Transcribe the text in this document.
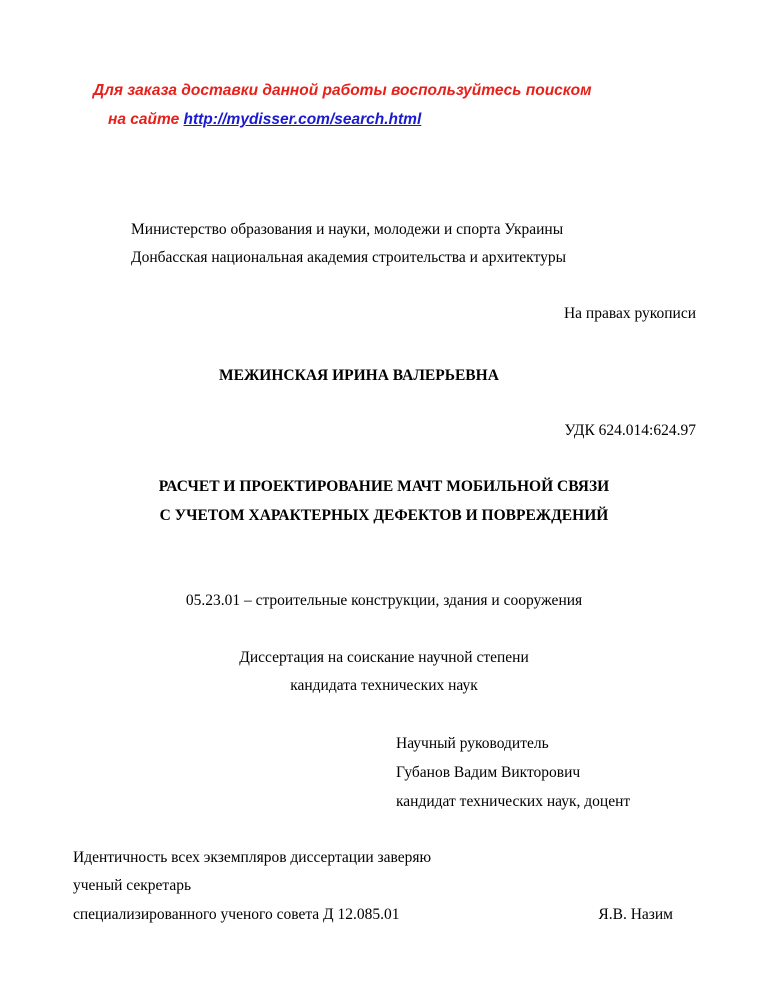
Для заказа доставки данной работы воспользуйтесь поиском
на сайте http://mydisser.com/search.html
Министерство образования и науки, молодежи и спорта Украины
Донбасская национальная академия строительства и архитектуры
На правах рукописи
МЕЖИНСКАЯ ИРИНА ВАЛЕРЬЕВНА
УДК 624.014:624.97
РАСЧЕТ И ПРОЕКТИРОВАНИЕ МАЧТ МОБИЛЬНОЙ СВЯЗИ
С УЧЕТОМ ХАРАКТЕРНЫХ ДЕФЕКТОВ И ПОВРЕЖДЕНИЙ
05.23.01 – строительные конструкции, здания и сооружения
Диссертация на соискание научной степени
кандидата технических наук
Научный руководитель
Губанов Вадим Викторович
кандидат технических наук, доцент
Идентичность всех экземпляров диссертации заверяю
ученый секретарь
специализированного ученого совета Д 12.085.01	Я.В. Назим
